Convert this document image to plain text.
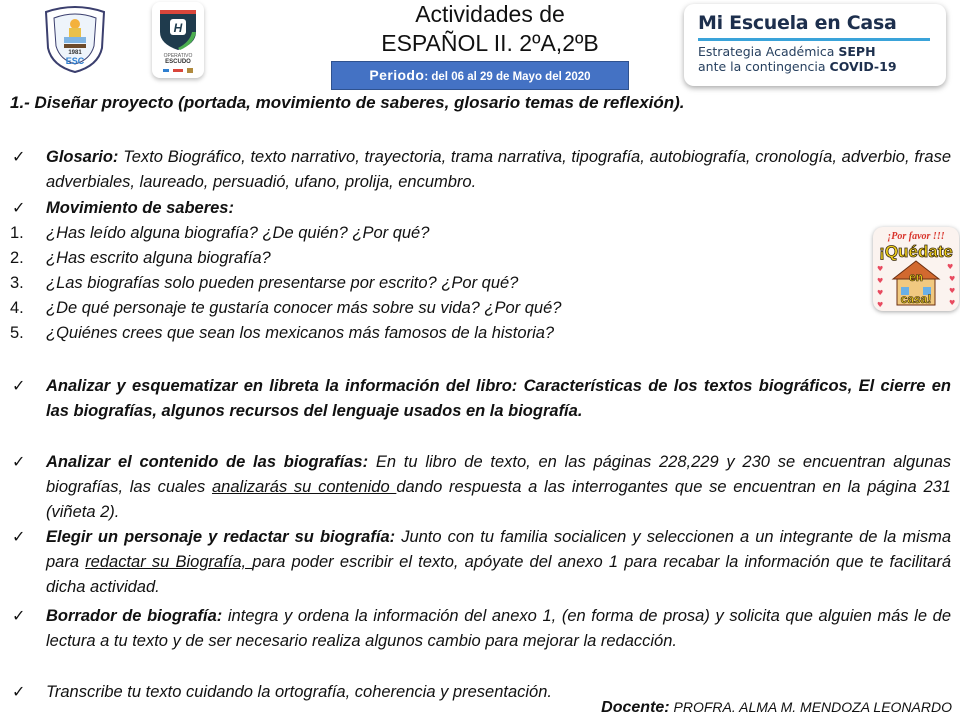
1981
ESC
H
OPERATIVO
ESCUDO
Actividades de
ESPAÑOL II. 2ºA,2ºB
Periodo: del 06 al 29 de Mayo del 2020
Mi Escuela en Casa
Estrategia Académica SEPH
ante la contingencia COVID-19
1.- Diseñar proyecto (portada, movimiento de saberes, glosario temas de reflexión).
✓ Glosario: Texto Biográfico, texto narrativo, trayectoria, trama narrativa, tipografía, autobiografía, cronología, adverbio, frase adverbiales, laureado, persuadió, ufano, prolija, encumbro.
✓ Movimiento de saberes:
1. ¿Has leído alguna biografía? ¿De quién? ¿Por qué?
2. ¿Has escrito alguna biografía?
3. ¿Las biografías solo pueden presentarse por escrito? ¿Por qué?
4. ¿De qué personaje te gustaría conocer más sobre su vida? ¿Por qué?
5. ¿Quiénes crees que sean los mexicanos más famosos de la historia?
¡Por favor !!!
¡Quédate
♥
♥
♥
♥
♥
♥
♥
♥
en
casa!
✓ Analizar y esquematizar en libreta la información del libro: Características de los textos biográficos, El cierre en las biografías, algunos recursos del lenguaje usados en la biografía.
✓ Analizar el contenido de las biografías: En tu libro de texto, en las páginas 228,229 y 230 se encuentran algunas biografías, las cuales analizarás su contenido dando respuesta a las interrogantes que se encuentran en la página 231 (viñeta 2).
✓ Elegir un personaje y redactar su biografía: Junto con tu familia socialicen y seleccionen a un integrante de la misma para redactar su Biografía, para poder escribir el texto, apóyate del anexo 1 para recabar la información que te facilitará dicha actividad.
✓ Borrador de biografía: integra y ordena la información del anexo 1, (en forma de prosa) y solicita que alguien más le de lectura a tu texto y de ser necesario realiza algunos cambio para mejorar la redacción.
✓ Transcribe tu texto cuidando la ortografía, coherencia y presentación.
Docente: PROFRA. ALMA M. MENDOZA LEONARDO
